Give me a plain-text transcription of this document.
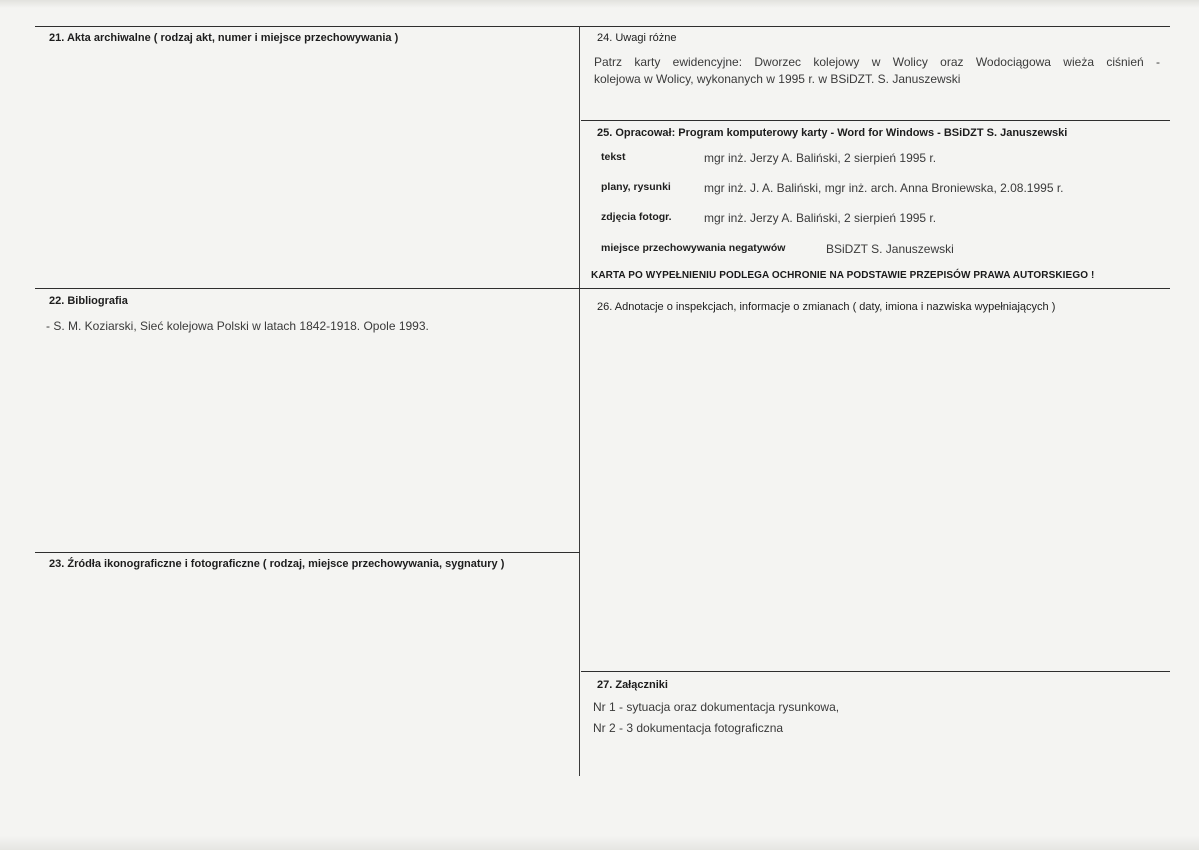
21. Akta archiwalne ( rodzaj akt, numer i miejsce przechowywania )
22. Bibliografia
- S. M. Koziarski, Sieć kolejowa Polski w latach 1842-1918. Opole 1993.
23. Źródła ikonograficzne i fotograficzne ( rodzaj, miejsce przechowywania, sygnatury )
24. Uwagi różne
Patrz karty ewidencyjne: Dworzec kolejowy w Wolicy oraz Wodociągowa wieża ciśnień -
kolejowa w Wolicy, wykonanych w 1995 r. w BSiDZT. S. Januszewski
25. Opracował: Program komputerowy karty - Word for Windows - BSiDZT S. Januszewski
tekst	mgr inż. Jerzy A. Baliński, 2 sierpień 1995 r.
plany, rysunki	mgr inż. J. A. Baliński, mgr inż. arch. Anna Broniewska, 2.08.1995 r.
zdjęcia fotogr.	mgr inż. Jerzy A. Baliński, 2 sierpień 1995 r.
miejsce przechowywania negatywów	BSiDZT S. Januszewski
KARTA PO WYPEŁNIENIU PODLEGA OCHRONIE NA PODSTAWIE PRZEPISÓW PRAWA AUTORSKIEGO !
26. Adnotacje o inspekcjach, informacje o zmianach ( daty, imiona i nazwiska wypełniających )
27. Załączniki
Nr 1 - sytuacja oraz dokumentacja rysunkowa,
Nr 2 - 3 dokumentacja fotograficzna
